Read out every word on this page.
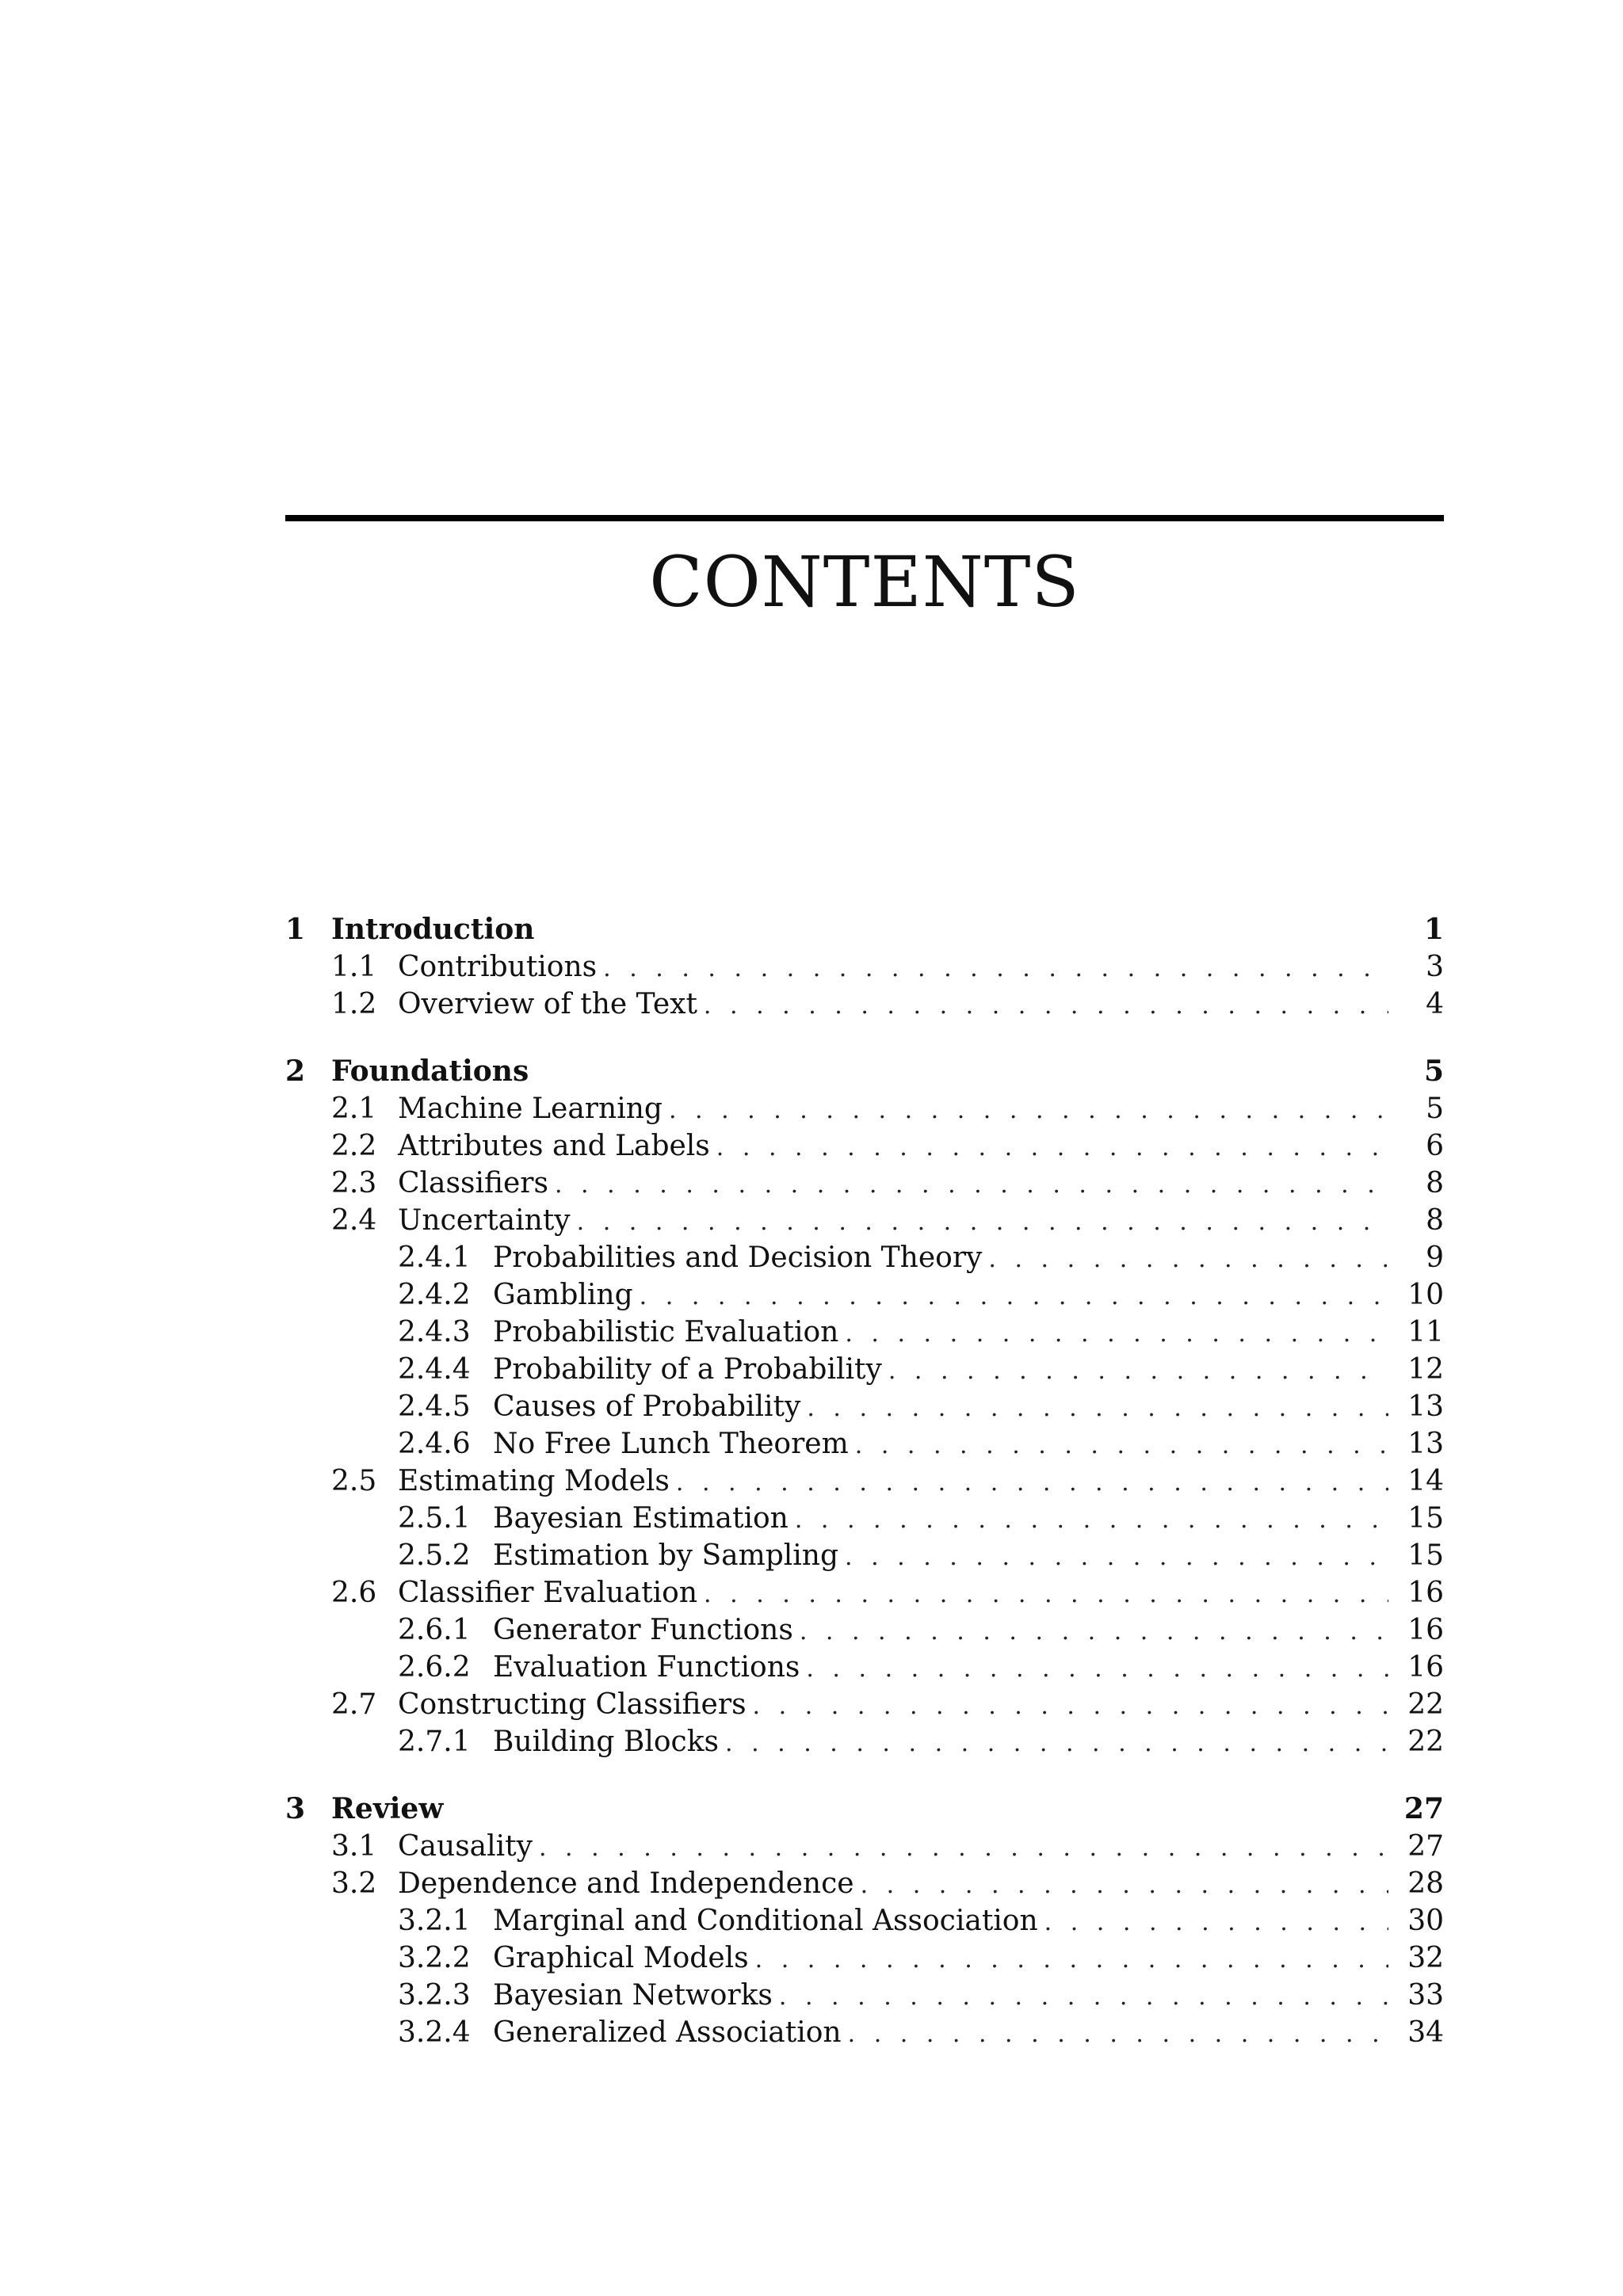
CONTENTS
1 Introduction	1
1.1 Contributions . . .	3
1.2 Overview of the Text . . .	4
2 Foundations	5
2.1 Machine Learning . . .	5
2.2 Attributes and Labels . . .	6
2.3 Classifiers . . .	8
2.4 Uncertainty . . .	8
2.4.1 Probabilities and Decision Theory . . .	9
2.4.2 Gambling . . .	10
2.4.3 Probabilistic Evaluation . . .	11
2.4.4 Probability of a Probability . . .	12
2.4.5 Causes of Probability . . .	13
2.4.6 No Free Lunch Theorem . . .	13
2.5 Estimating Models . . .	14
2.5.1 Bayesian Estimation . . .	15
2.5.2 Estimation by Sampling . . .	15
2.6 Classifier Evaluation . . .	16
2.6.1 Generator Functions . . .	16
2.6.2 Evaluation Functions . . .	16
2.7 Constructing Classifiers . . .	22
2.7.1 Building Blocks . . .	22
3 Review	27
3.1 Causality . . .	27
3.2 Dependence and Independence . . .	28
3.2.1 Marginal and Conditional Association . . .	30
3.2.2 Graphical Models . . .	32
3.2.3 Bayesian Networks . . .	33
3.2.4 Generalized Association . . .	34
